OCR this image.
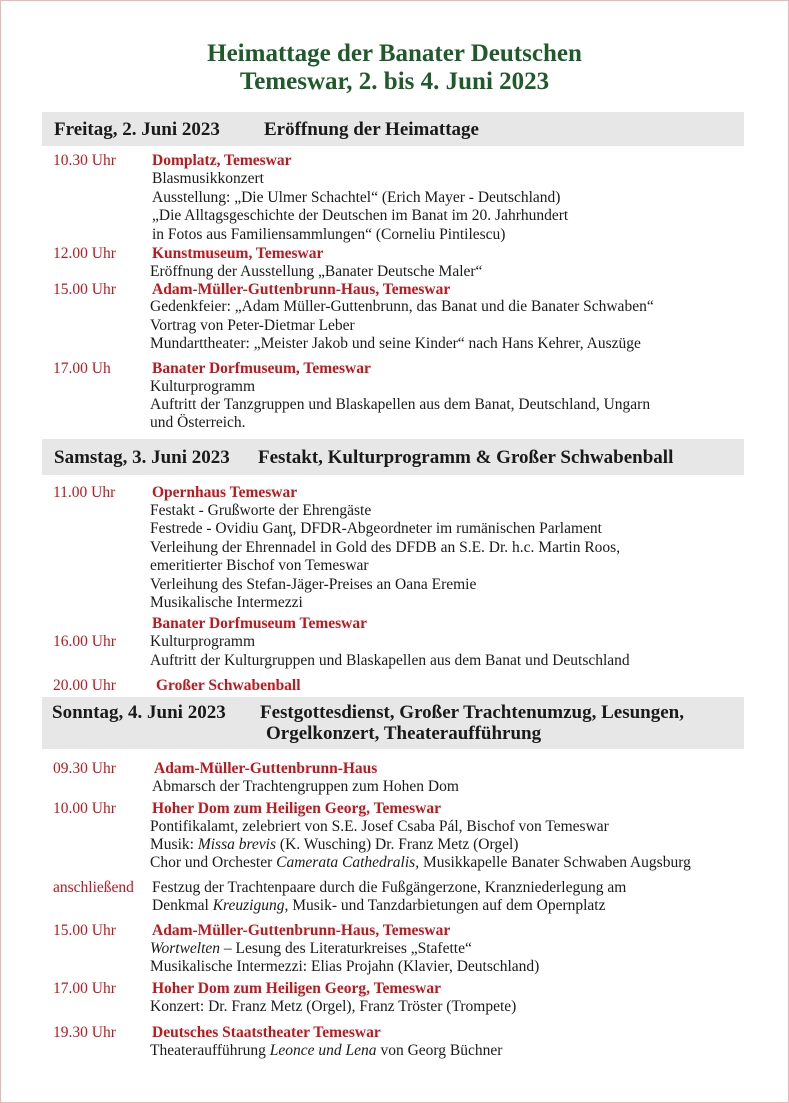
Heimattage der Banater Deutschen
Temeswar, 2. bis 4. Juni 2023
Freitag, 2. Juni 2023 Eröffnung der Heimattage
10.30 Uhr Domplatz, Temeswar
Blasmusikkonzert
Ausstellung: „Die Ulmer Schachtel“ (Erich Mayer - Deutschland)
„Die Alltagsgeschichte der Deutschen im Banat im 20. Jahrhundert
in Fotos aus Familiensammlungen“ (Corneliu Pintilescu)
12.00 Uhr Kunstmuseum, Temeswar
Eröffnung der Ausstellung „Banater Deutsche Maler“
15.00 Uhr Adam-Müller-Guttenbrunn-Haus, Temeswar
Gedenkfeier: „Adam Müller-Guttenbrunn, das Banat und die Banater Schwaben“
Vortrag von Peter-Dietmar Leber
Mundarttheater: „Meister Jakob und seine Kinder“ nach Hans Kehrer, Auszüge
17.00 Uh	Banater Dorfmuseum, Temeswar
Kulturprogramm
Auftritt der Tanzgruppen und Blaskapellen aus dem Banat, Deutschland, Ungarn
und Österreich.
Samstag, 3. Juni 2023 Festakt, Kulturprogramm & Großer Schwabenball
11.00 Uhr Opernhaus Temeswar
Festakt - Grußworte der Ehrengäste
Festrede - Ovidiu Ganţ, DFDR-Abgeordneter im rumänischen Parlament
Verleihung der Ehrennadel in Gold des DFDB an S.E. Dr. h.c. Martin Roos,
emeritierter Bischof von Temeswar
Verleihung des Stefan-Jäger-Preises an Oana Eremie
Musikalische Intermezzi
Banater Dorfmuseum Temeswar
16.00 Uhr Kulturprogramm
Auftritt der Kulturgruppen und Blaskapellen aus dem Banat und Deutschland
20.00 Uhr	Großer Schwabenball
Sonntag, 4. Juni 2023 Festgottesdienst, Großer Trachtenumzug, Lesungen,
Orgelkonzert, Theateraufführung
09.30 Uhr Adam-Müller-Guttenbrunn-Haus
Abmarsch der Trachtengruppen zum Hohen Dom
10.00 Uhr Hoher Dom zum Heiligen Georg, Temeswar
Pontifikalamt, zelebriert von S.E. Josef Csaba Pál, Bischof von Temeswar
Musik: Missa brevis (K. Wusching) Dr. Franz Metz (Orgel)
Chor und Orchester Camerata Cathedralis, Musikkapelle Banater Schwaben Augsburg
anschließend Festzug der Trachtenpaare durch die Fußgängerzone, Kranzniederlegung am
Denkmal Kreuzigung, Musik- und Tanzdarbietungen auf dem Opernplatz
15.00 Uhr Adam-Müller-Guttenbrunn-Haus, Temeswar
Wortwelten – Lesung des Literaturkreises „Stafette“
Musikalische Intermezzi: Elias Projahn (Klavier, Deutschland)
17.00 Uhr Hoher Dom zum Heiligen Georg, Temeswar
Konzert: Dr. Franz Metz (Orgel), Franz Tröster (Trompete)
19.30 Uhr Deutsches Staatstheater Temeswar
Theateraufführung Leonce und Lena von Georg Büchner
